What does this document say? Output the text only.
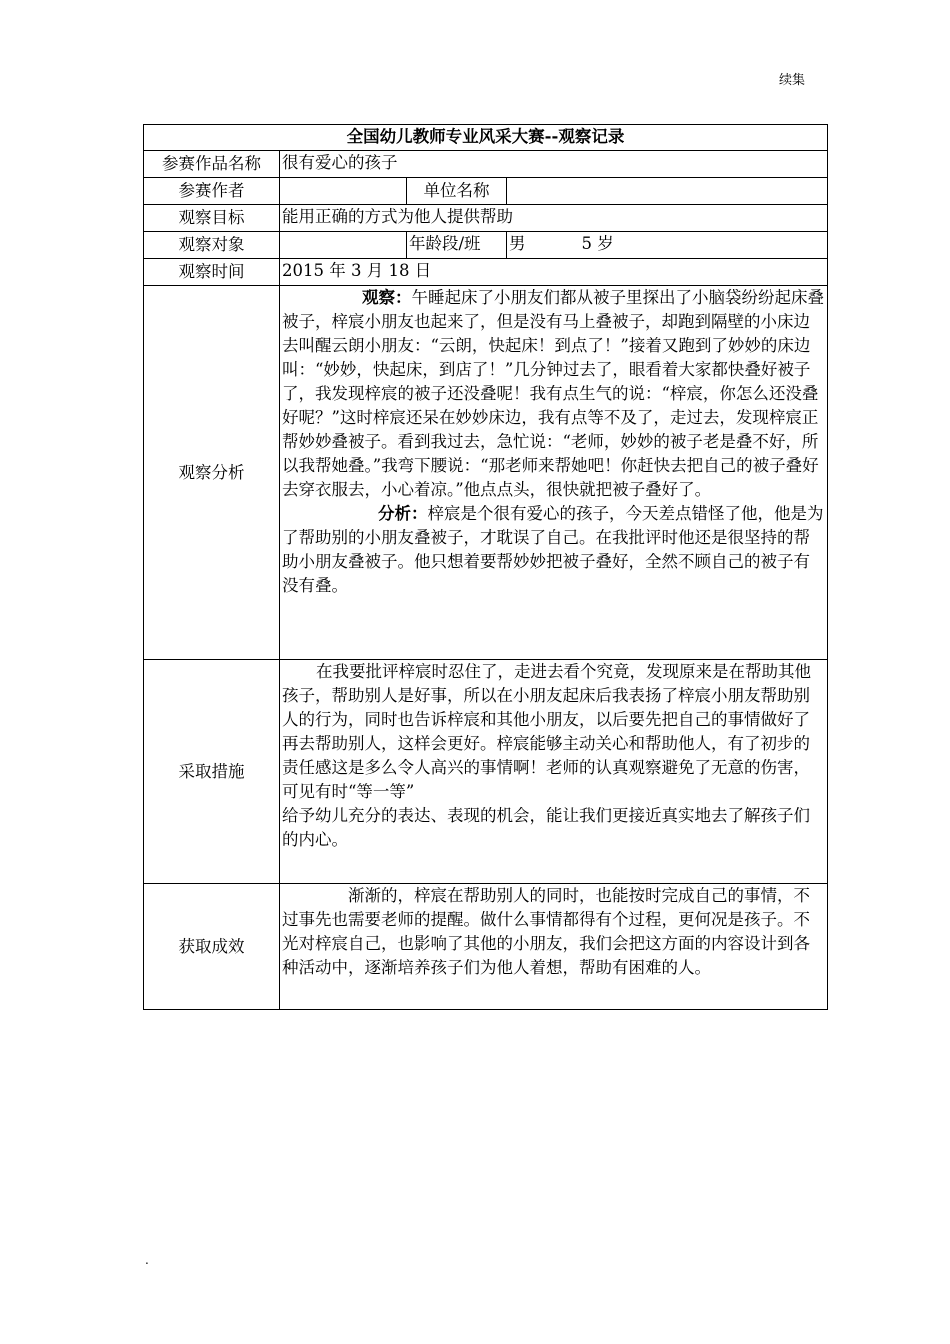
续集
全国幼儿教师专业风采大赛--观察记录			
参赛作品名称	很有爱心的孩子		
参赛作者		单位名称	
观察目标	能用正确的方式为他人提供帮助		
观察对象		年龄段/班	男 5 岁
观察时间	2015 年 3 月 18 日		
观察分析	观察：午睡起床了小朋友们都从被子里探出了小脑袋纷纷起床叠被子，梓宸小朋友也起来了，但是没有马上叠被子，却跑到隔壁的小床边去叫醒云朗小朋友：“云朗，快起床！到点了！”接着又跑到了妙妙的床边叫：“妙妙，快起床，到店了！”几分钟过去了，眼看着大家都快叠好被子了，我发现梓宸的被子还没叠呢！我有点生气的说：“梓宸，你怎么还没叠好呢？”这时梓宸还呆在妙妙床边，我有点等不及了，走过去，发现梓宸正帮妙妙叠被子。看到我过去，急忙说：“老师，妙妙的被子老是叠不好，所以我帮她叠。”我弯下腰说：“那老师来帮她吧！你赶快去把自己的被子叠好去穿衣服去，小心着凉。”他点点头，很快就把被子叠好了。

分析：梓宸是个很有爱心的孩子，今天差点错怪了他，他是为了帮助别的小朋友叠被子，才耽误了自己。在我批评时他还是很坚持的帮助小朋友叠被子。他只想着要帮妙妙把被子叠好，全然不顾自己的被子有没有叠。		

采取措施	在我要批评梓宸时忍住了，走进去看个究竟，发现原来是在帮助其他孩子，帮助别人是好事，所以在小朋友起床后我表扬了梓宸小朋友帮助别人的行为，同时也告诉梓宸和其他小朋友，以后要先把自己的事情做好了再去帮助别人，这样会更好。梓宸能够主动关心和帮助他人，有了初步的责任感这是多么令人高兴的事情啊！老师的认真观察避免了无意的伤害，可见有时“等一等”

给予幼儿充分的表达、表现的机会，能让我们更接近真实地去了解孩子们的内心。		

获取成效	渐渐的，梓宸在帮助别人的同时，也能按时完成自己的事情，不过事先也需要老师的提醒。做什么事情都得有个过程，更何况是孩子。不光对梓宸自己，也影响了其他的小朋友，我们会把这方面的内容设计到各种活动中，逐渐培养孩子们为他人着想，帮助有困难的人。		

.
